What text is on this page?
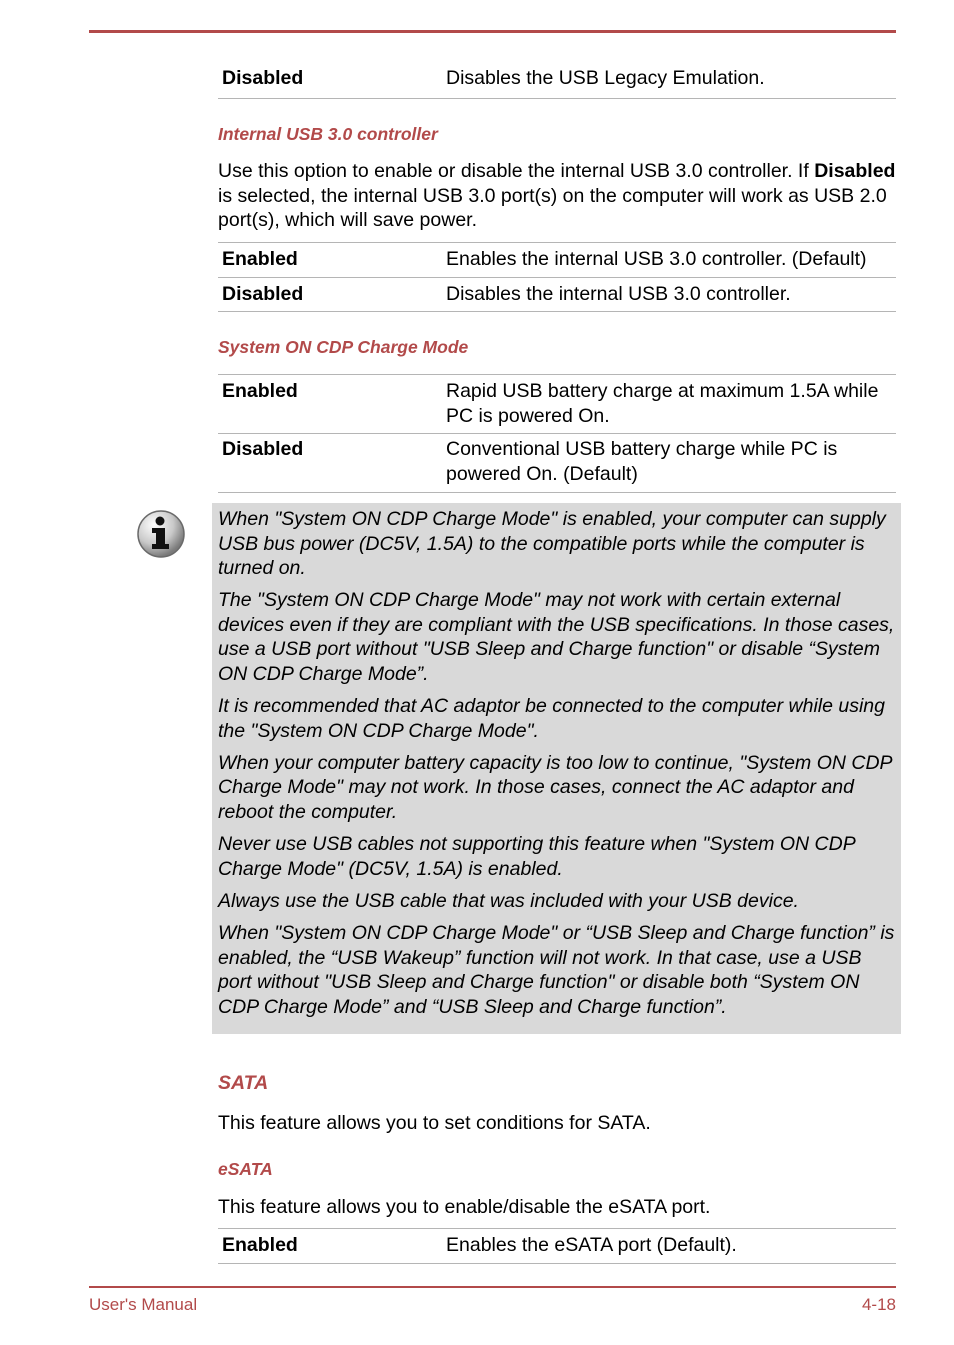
Disabled	Disables the USB Legacy Emulation.
Internal USB 3.0 controller
Use this option to enable or disable the internal USB 3.0 controller. If Disabled is selected, the internal USB 3.0 port(s) on the computer will work as USB 2.0 port(s), which will save power.
Enabled	Enables the internal USB 3.0 controller. (Default)
Disabled	Disables the internal USB 3.0 controller.
System ON CDP Charge Mode
Enabled	Rapid USB battery charge at maximum 1.5A while PC is powered On.
Disabled	Conventional USB battery charge while PC is powered On. (Default)

When "System ON CDP Charge Mode" is enabled, your computer can supply USB bus power (DC5V, 1.5A) to the compatible ports while the computer is turned on.

The "System ON CDP Charge Mode" may not work with certain external devices even if they are compliant with the USB specifications. In those cases, use a USB port without "USB Sleep and Charge function" or disable “System ON CDP Charge Mode”.

It is recommended that AC adaptor be connected to the computer while using the "System ON CDP Charge Mode".

When your computer battery capacity is too low to continue, "System ON CDP Charge Mode" may not work. In those cases, connect the AC adaptor and reboot the computer.

Never use USB cables not supporting this feature when "System ON CDP Charge Mode" (DC5V, 1.5A) is enabled.

Always use the USB cable that was included with your USB device.

When "System ON CDP Charge Mode" or “USB Sleep and Charge function” is enabled, the “USB Wakeup” function will not work. In that case, use a USB port without "USB Sleep and Charge function" or disable both “System ON CDP Charge Mode” and “USB Sleep and Charge function”.

SATA
This feature allows you to set conditions for SATA.
eSATA
This feature allows you to enable/disable the eSATA port.
Enabled	Enables the eSATA port (Default).
User's Manual	4-18
